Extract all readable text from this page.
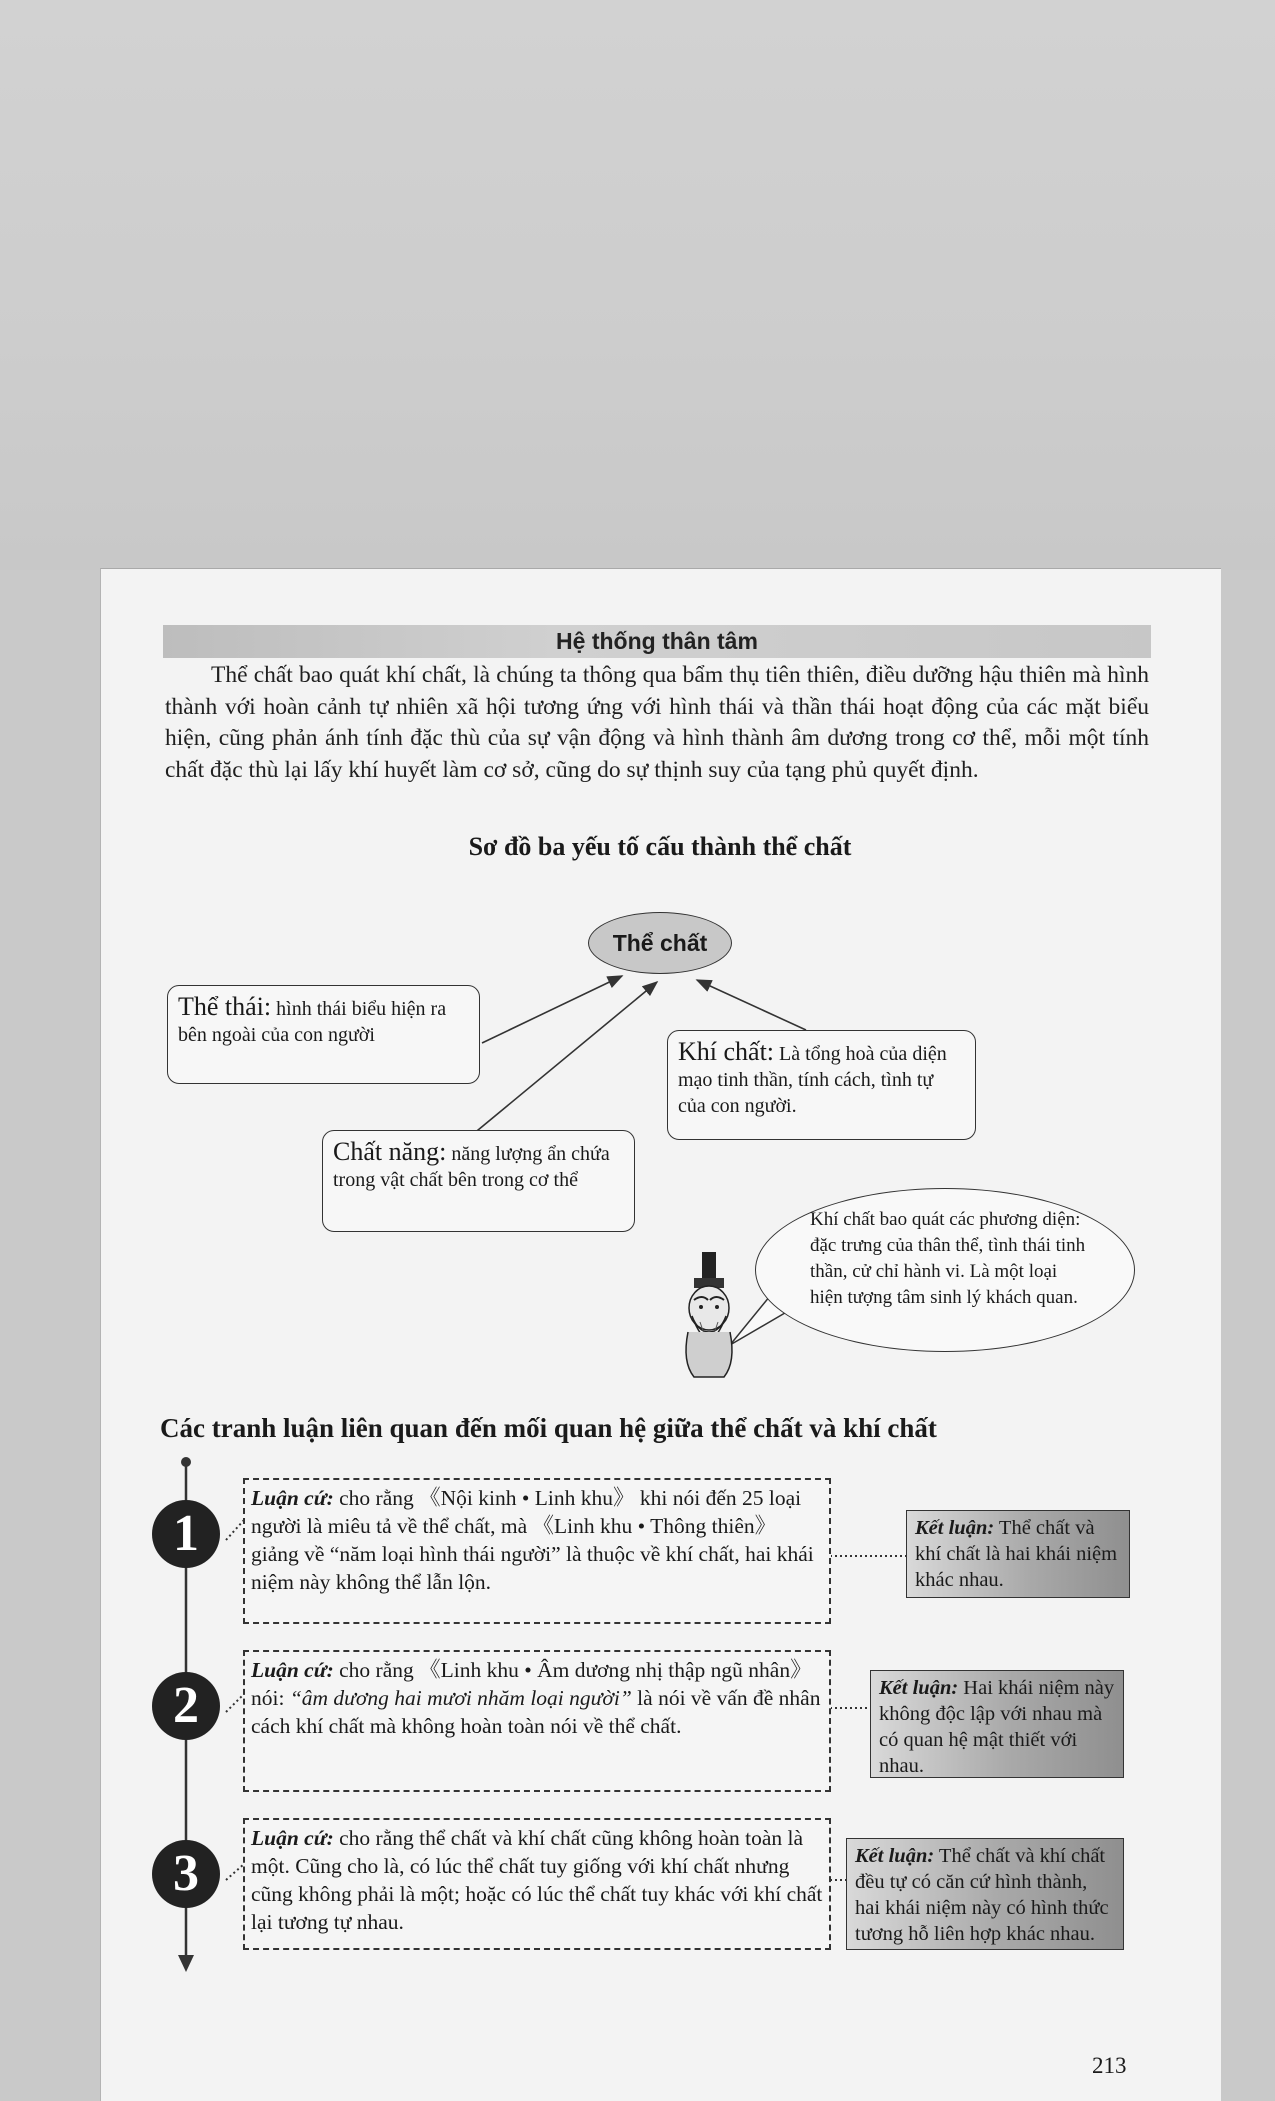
Hệ thống thân tâm
Thể chất bao quát khí chất, là chúng ta thông qua bẩm thụ tiên thiên, điều dưỡng hậu thiên mà hình thành với hoàn cảnh tự nhiên xã hội tương ứng với hình thái và thần thái hoạt động của các mặt biểu hiện, cũng phản ánh tính đặc thù của sự vận động và hình thành âm dương trong cơ thể, mỗi một tính chất đặc thù lại lấy khí huyết làm cơ sở, cũng do sự thịnh suy của tạng phủ quyết định.
Sơ đồ ba yếu tố cấu thành thể chất
Thể chất
Thể thái: hình thái biểu hiện ra bên ngoài của con người
Khí chất: Là tổng hoà của diện mạo tinh thần, tính cách, tình tự của con người.
Chất năng: năng lượng ẩn chứa trong vật chất bên trong cơ thể
Khí chất bao quát các phương diện: đặc trưng của thân thể, tình thái tinh thần, cử chỉ hành vi. Là một loại hiện tượng tâm sinh lý khách quan.
Các tranh luận liên quan đến mối quan hệ giữa thể chất và khí chất
1
2
3
Luận cứ: cho rằng 《Nội kinh • Linh khu》 khi nói đến 25 loại người là miêu tả về thể chất, mà 《Linh khu • Thông thiên》 giảng về “năm loại hình thái người” là thuộc về khí chất, hai khái niệm này không thể lẫn lộn.
Kết luận: Thể chất và khí chất là hai khái niệm khác nhau.
Luận cứ: cho rằng 《Linh khu • Âm dương nhị thập ngũ nhân》 nói: “âm dương hai mươi nhăm loại người” là nói về vấn đề nhân cách khí chất mà không hoàn toàn nói về thể chất.
Kết luận: Hai khái niệm này không độc lập với nhau mà có quan hệ mật thiết với nhau.
Luận cứ: cho rằng thể chất và khí chất cũng không hoàn toàn là một. Cũng cho là, có lúc thể chất tuy giống với khí chất nhưng cũng không phải là một; hoặc có lúc thể chất tuy khác với khí chất lại tương tự nhau.
Kết luận: Thể chất và khí chất đều tự có căn cứ hình thành, hai khái niệm này có hình thức tương hỗ liên hợp khác nhau.
213
